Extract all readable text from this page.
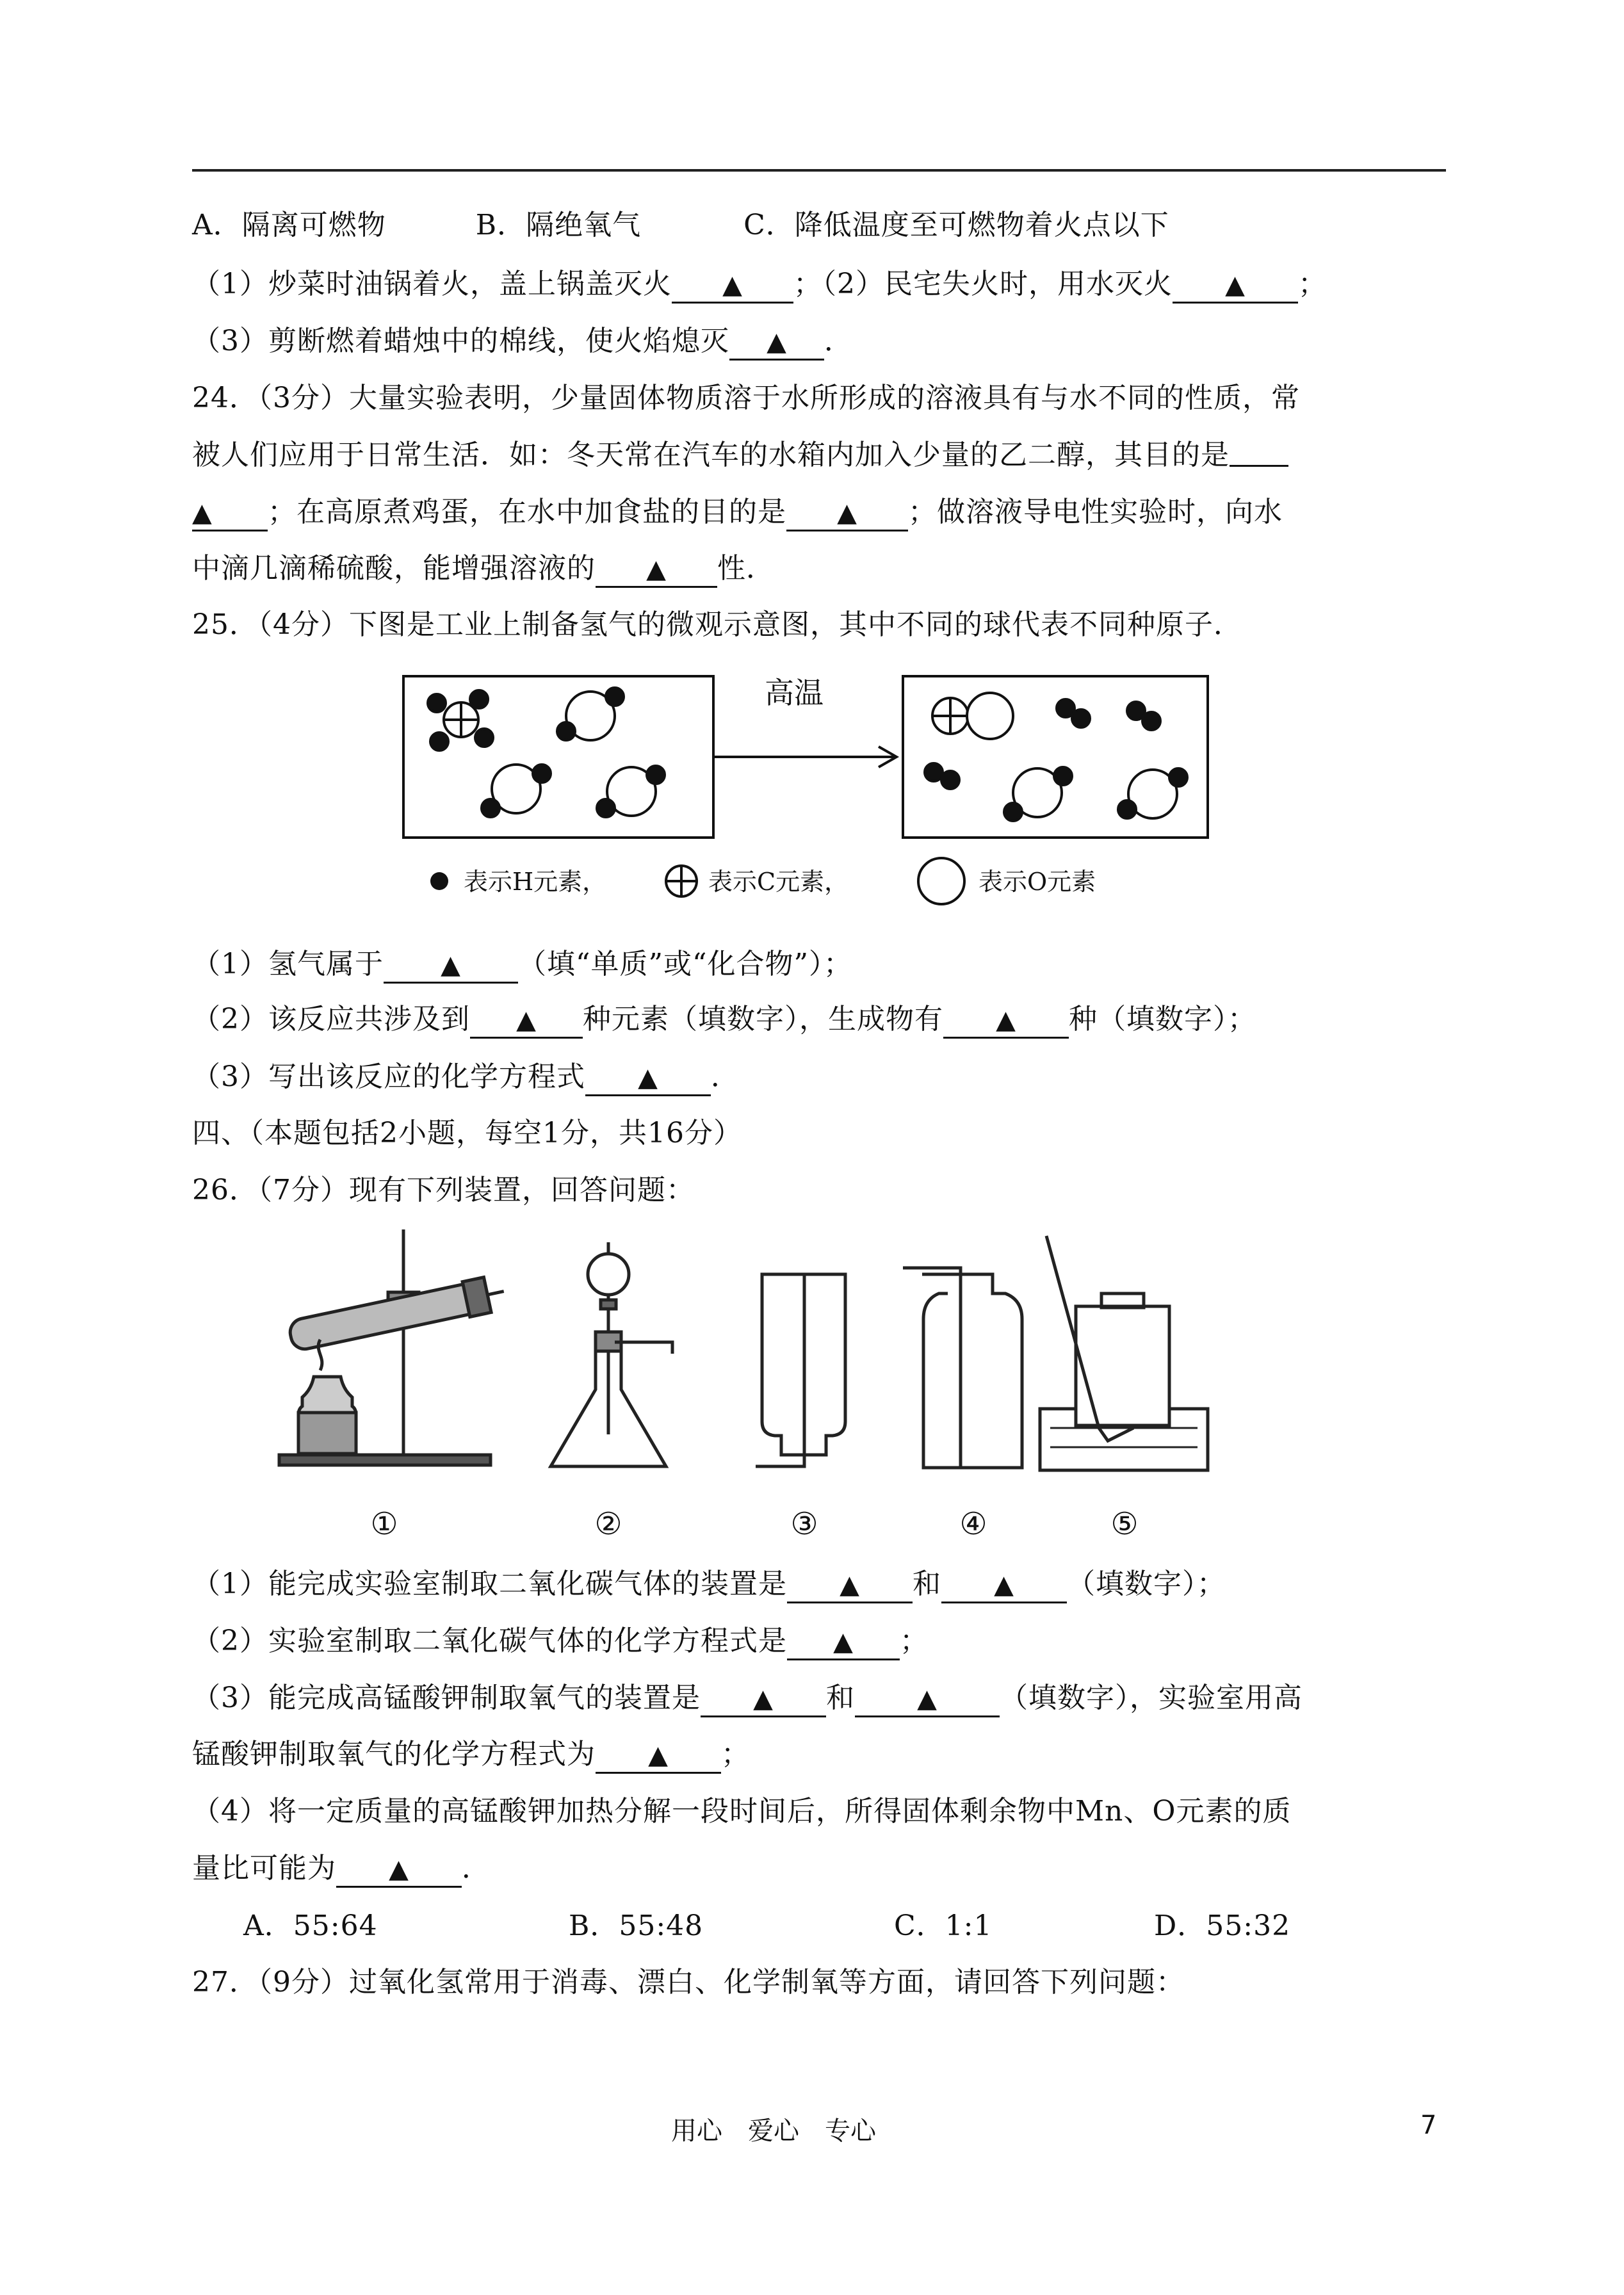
A．隔离可燃物	B．隔绝氧气	C．降低温度至可燃物着火点以下
（1）炒菜时油锅着火，盖上锅盖灭火 ▲ ；（2）民宅失火时，用水灭火 ▲ ；
（3）剪断燃着蜡烛中的棉线，使火焰熄灭 ▲ ．
24．（3分）大量实验表明，少量固体物质溶于水所形成的溶液具有与水不同的性质，常
被人们应用于日常生活．如：冬天常在汽车的水箱内加入少量的乙二醇，其目的是
▲ ；在高原煮鸡蛋，在水中加食盐的目的是 ▲ ；做溶液导电性实验时，向水
中滴几滴稀硫酸，能增强溶液的 ▲ 性．
25．（4分）下图是工业上制备氢气的微观示意图，其中不同的球代表不同种原子．
高温
表示H元素，	表示C元素，	表示O元素
（1）氢气属于 ▲ （填“单质”或“化合物”）；
（2）该反应共涉及到 ▲ 种元素（填数字），生成物有 ▲ 种（填数字）；
（3）写出该反应的化学方程式 ▲ ．
四、（本题包括2小题，每空1分，共16分）
26．（7分）现有下列装置，回答问题：
①	②	③	④	⑤
（1）能完成实验室制取二氧化碳气体的装置是 ▲ 和 ▲ （填数字）；
（2）实验室制取二氧化碳气体的化学方程式是 ▲ ；
（3）能完成高锰酸钾制取氧气的装置是 ▲ 和 ▲ （填数字），实验室用高
锰酸钾制取氧气的化学方程式为 ▲ ；
（4）将一定质量的高锰酸钾加热分解一段时间后，所得固体剩余物中Mn、O元素的质
量比可能为 ▲ ．
A．55:64	B．55:48	C．1:1	D．55:32
27．（9分）过氧化氢常用于消毒、漂白、化学制氧等方面，请回答下列问题：
用心　爱心　专心	7
